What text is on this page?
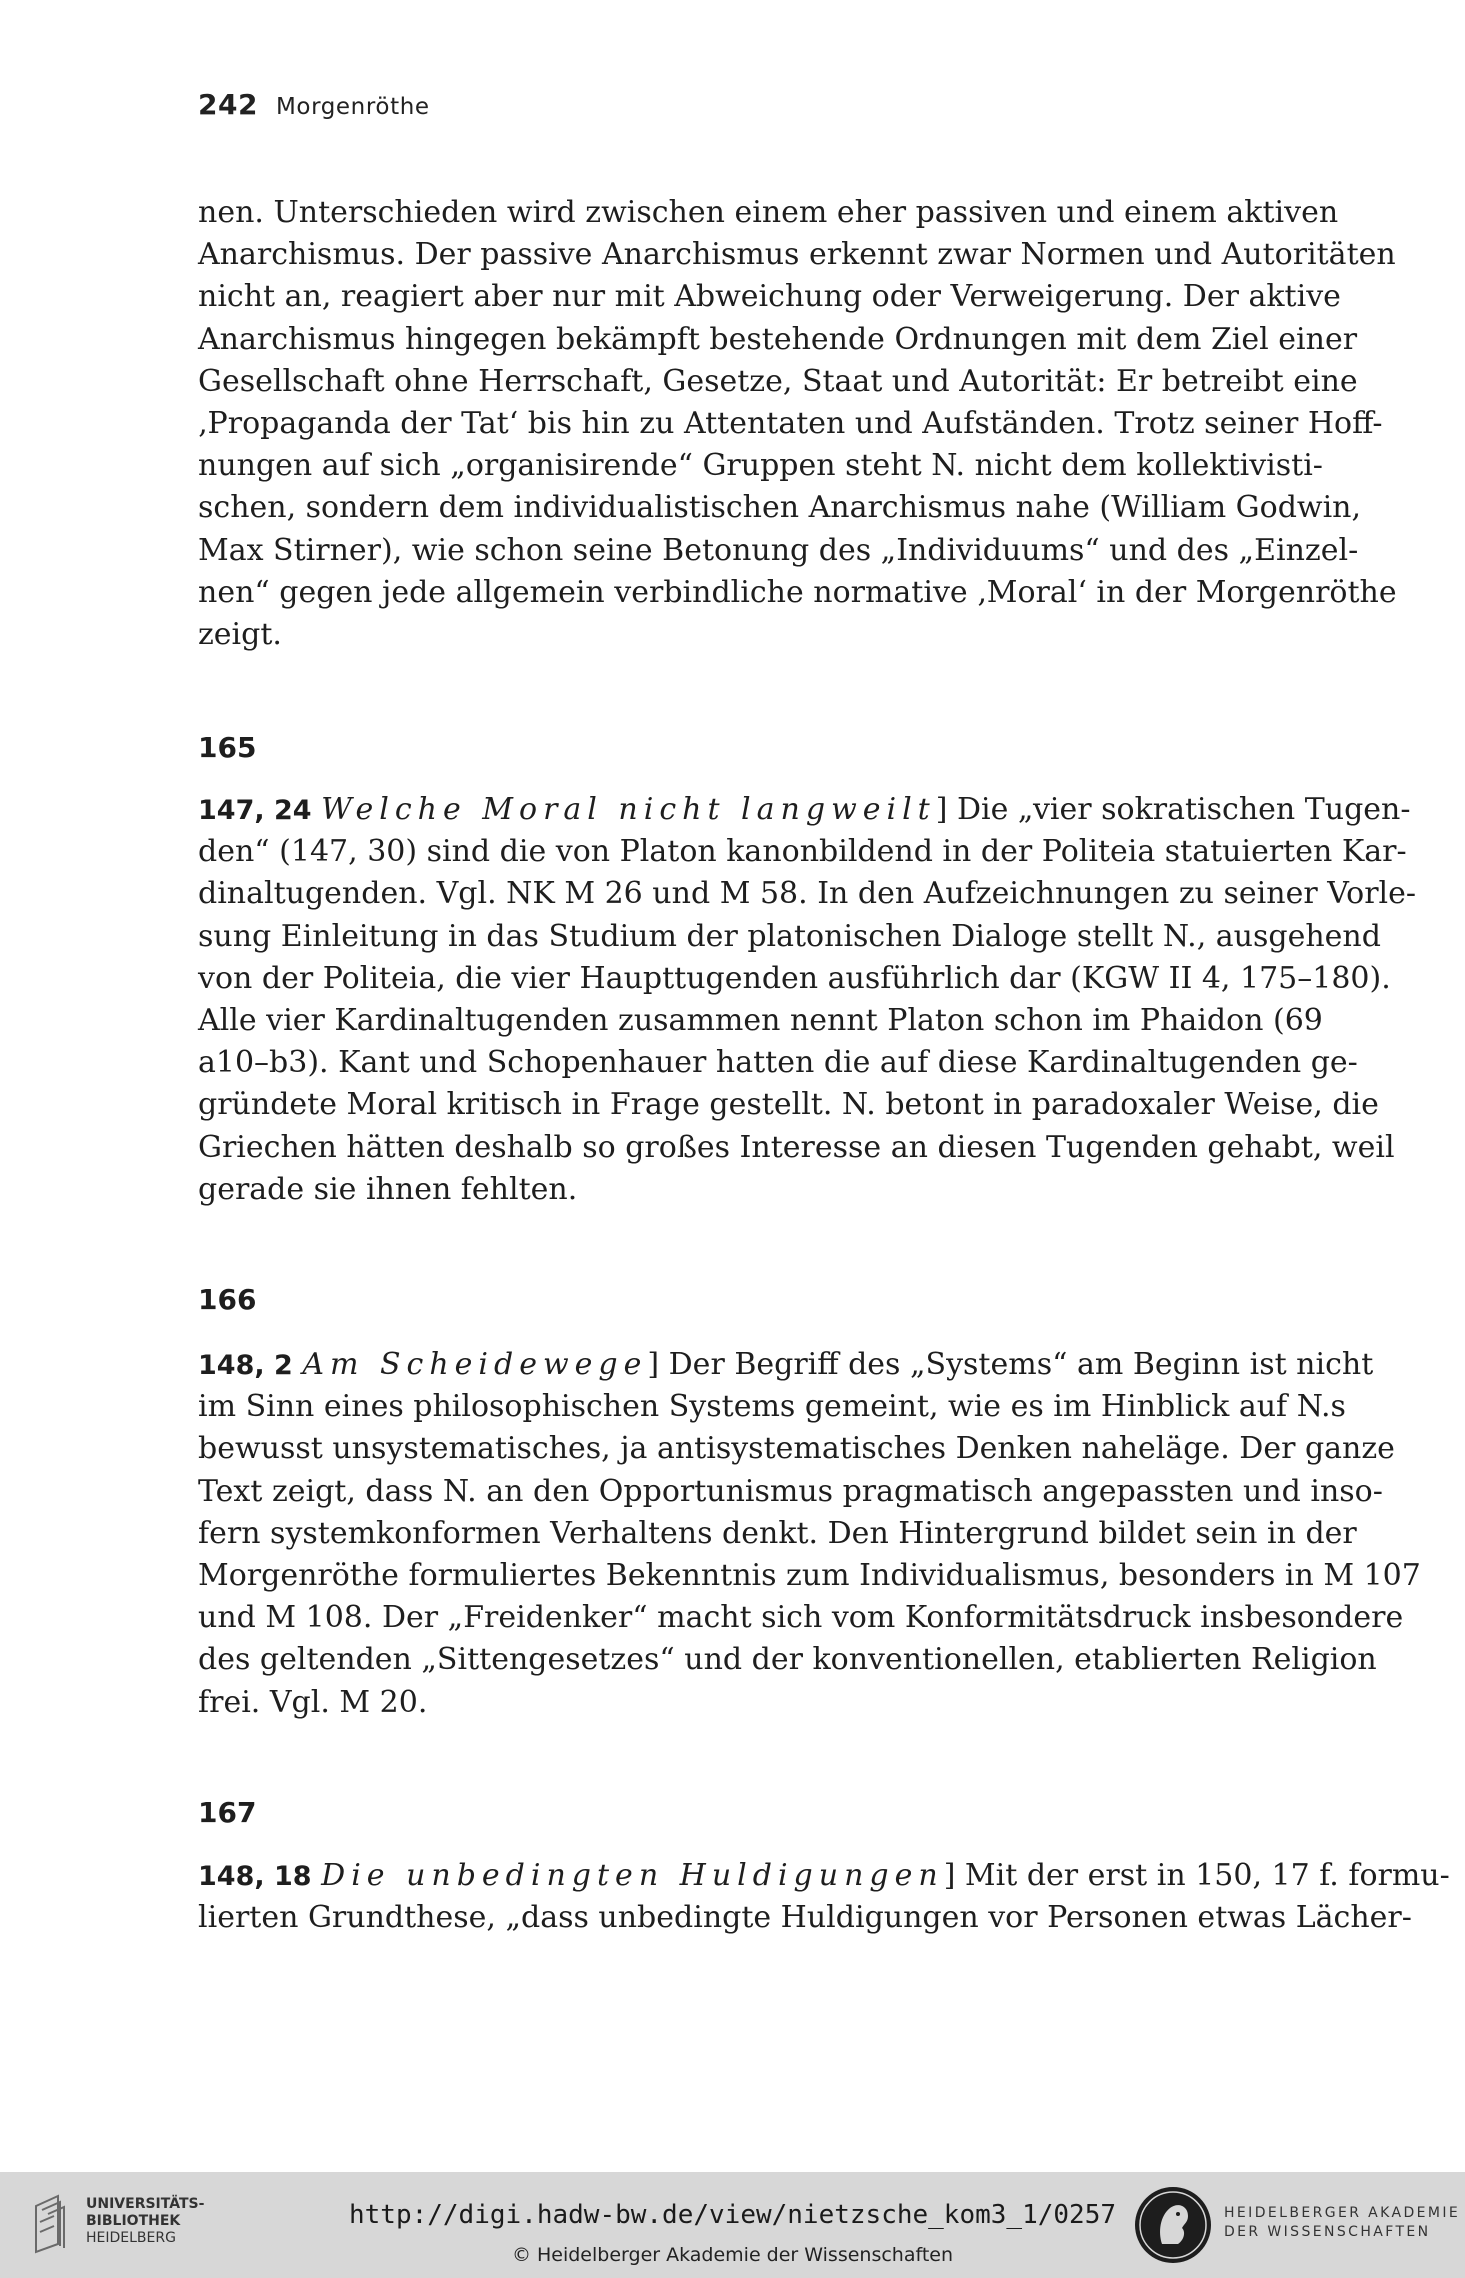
242 Morgenröthe
nen. Unterschieden wird zwischen einem eher passiven und einem aktiven
Anarchismus. Der passive Anarchismus erkennt zwar Normen und Autoritäten
nicht an, reagiert aber nur mit Abweichung oder Verweigerung. Der aktive
Anarchismus hingegen bekämpft bestehende Ordnungen mit dem Ziel einer
Gesellschaft ohne Herrschaft, Gesetze, Staat und Autorität: Er betreibt eine
‚Propaganda der Tat‘ bis hin zu Attentaten und Aufständen. Trotz seiner Hoff-
nungen auf sich „organisirende“ Gruppen steht N. nicht dem kollektivisti-
schen, sondern dem individualistischen Anarchismus nahe (William Godwin,
Max Stirner), wie schon seine Betonung des „Individuums“ und des „Einzel-
nen“ gegen jede allgemein verbindliche normative ‚Moral‘ in der Morgenröthe
zeigt.
165
147, 24 Welche Moral nicht langweilt] Die „vier sokratischen Tugen-
den“ (147, 30) sind die von Platon kanonbildend in der Politeia statuierten Kar-
dinaltugenden. Vgl. NK M 26 und M 58. In den Aufzeichnungen zu seiner Vorle-
sung Einleitung in das Studium der platonischen Dialoge stellt N., ausgehend
von der Politeia, die vier Haupttugenden ausführlich dar (KGW II 4, 175–180).
Alle vier Kardinaltugenden zusammen nennt Platon schon im Phaidon (69
a10–b3). Kant und Schopenhauer hatten die auf diese Kardinaltugenden ge-
gründete Moral kritisch in Frage gestellt. N. betont in paradoxaler Weise, die
Griechen hätten deshalb so großes Interesse an diesen Tugenden gehabt, weil
gerade sie ihnen fehlten.
166
148, 2 Am Scheidewege] Der Begriff des „Systems“ am Beginn ist nicht
im Sinn eines philosophischen Systems gemeint, wie es im Hinblick auf N.s
bewusst unsystematisches, ja antisystematisches Denken naheläge. Der ganze
Text zeigt, dass N. an den Opportunismus pragmatisch angepassten und inso-
fern systemkonformen Verhaltens denkt. Den Hintergrund bildet sein in der
Morgenröthe formuliertes Bekenntnis zum Individualismus, besonders in M 107
und M 108. Der „Freidenker“ macht sich vom Konformitätsdruck insbesondere
des geltenden „Sittengesetzes“ und der konventionellen, etablierten Religion
frei. Vgl. M 20.
167
148, 18 Die unbedingten Huldigungen] Mit der erst in 150, 17 f. formu-
lierten Grundthese, „dass unbedingte Huldigungen vor Personen etwas Lächer-
UNIVERSITÄTS-
BIBLIOTHEK
HEIDELBERG
http://digi.hadw-bw.de/view/nietzsche_kom3_1/0257
© Heidelberger Akademie der Wissenschaften
HEIDELBERGER AKADEMIE
DER WISSENSCHAFTEN
